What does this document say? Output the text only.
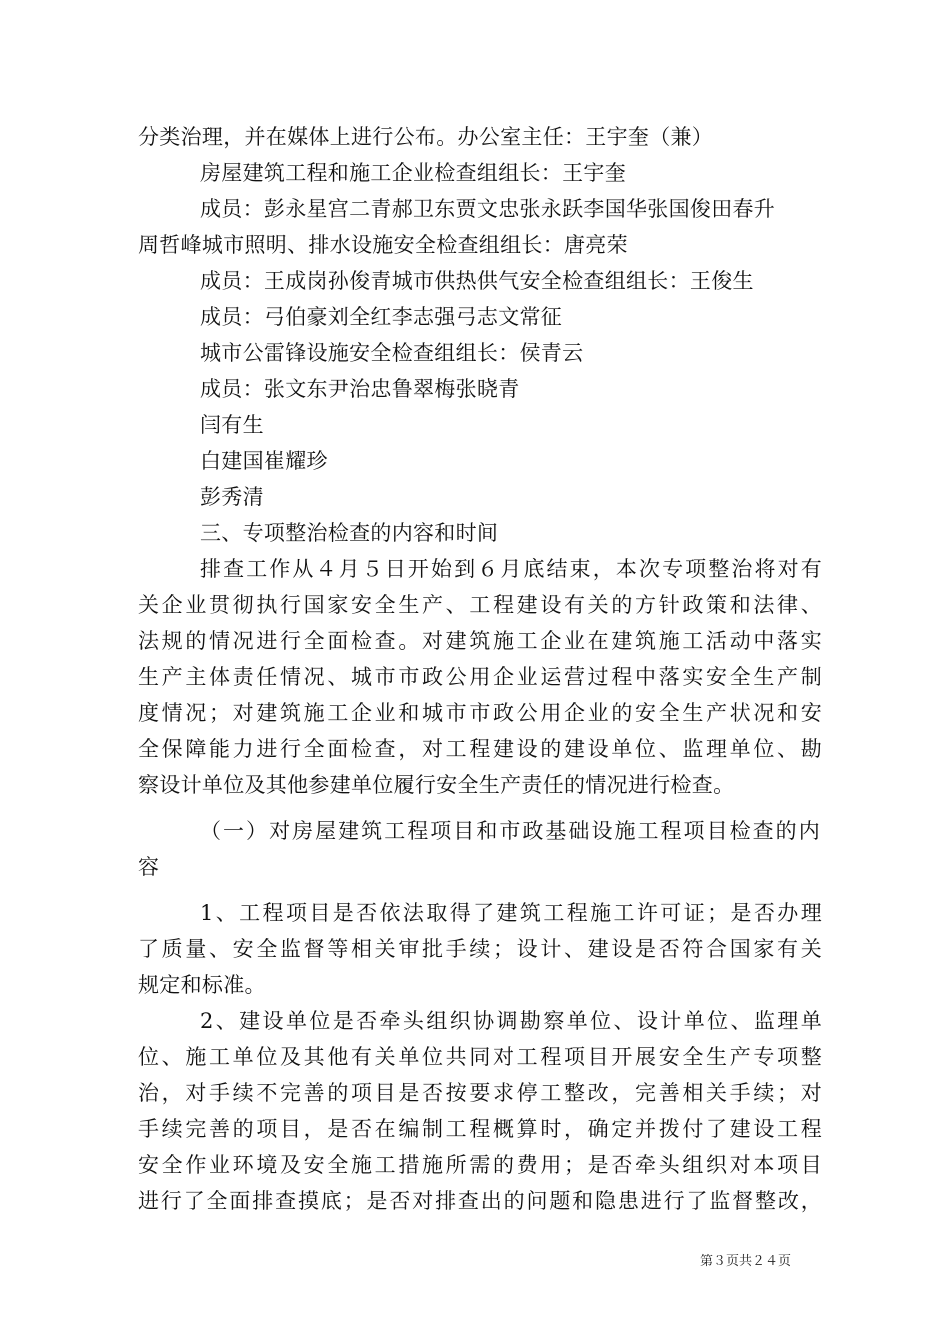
分类治理，并在媒体上进行公布。办公室主任：王宇奎（兼）
房屋建筑工程和施工企业检查组组长：王宇奎
成员：彭永星宫二青郝卫东贾文忠张永跃李国华张国俊田春升
周哲峰城市照明、排水设施安全检查组组长：唐亮荣
成员：王成岗孙俊青城市供热供气安全检查组组长：王俊生
成员：弓伯豪刘全红李志强弓志文常征
城市公雷锋设施安全检查组组长：侯青云
成员：张文东尹治忠鲁翠梅张晓青
闫有生
白建国崔耀珍
彭秀清
三、专项整治检查的内容和时间
排查工作从４月５日开始到６月底结束，本次专项整治将对有
关企业贯彻执行国家安全生产、工程建设有关的方针政策和法律、
法规的情况进行全面检查。对建筑施工企业在建筑施工活动中落实
生产主体责任情况、城市市政公用企业运营过程中落实安全生产制
度情况；对建筑施工企业和城市市政公用企业的安全生产状况和安
全保障能力进行全面检查，对工程建设的建设单位、监理单位、勘
察设计单位及其他参建单位履行安全生产责任的情况进行检查。
（一）对房屋建筑工程项目和市政基础设施工程项目检查的内
容
1、工程项目是否依法取得了建筑工程施工许可证；是否办理
了质量、安全监督等相关审批手续；设计、建设是否符合国家有关
规定和标准。
2、建设单位是否牵头组织协调勘察单位、设计单位、监理单
位、施工单位及其他有关单位共同对工程项目开展安全生产专项整
治，对手续不完善的项目是否按要求停工整改，完善相关手续；对
手续完善的项目，是否在编制工程概算时，确定并拨付了建设工程
安全作业环境及安全施工措施所需的费用；是否牵头组织对本项目
进行了全面排查摸底；是否对排查出的问题和隐患进行了监督整改，
第３页共２４页
